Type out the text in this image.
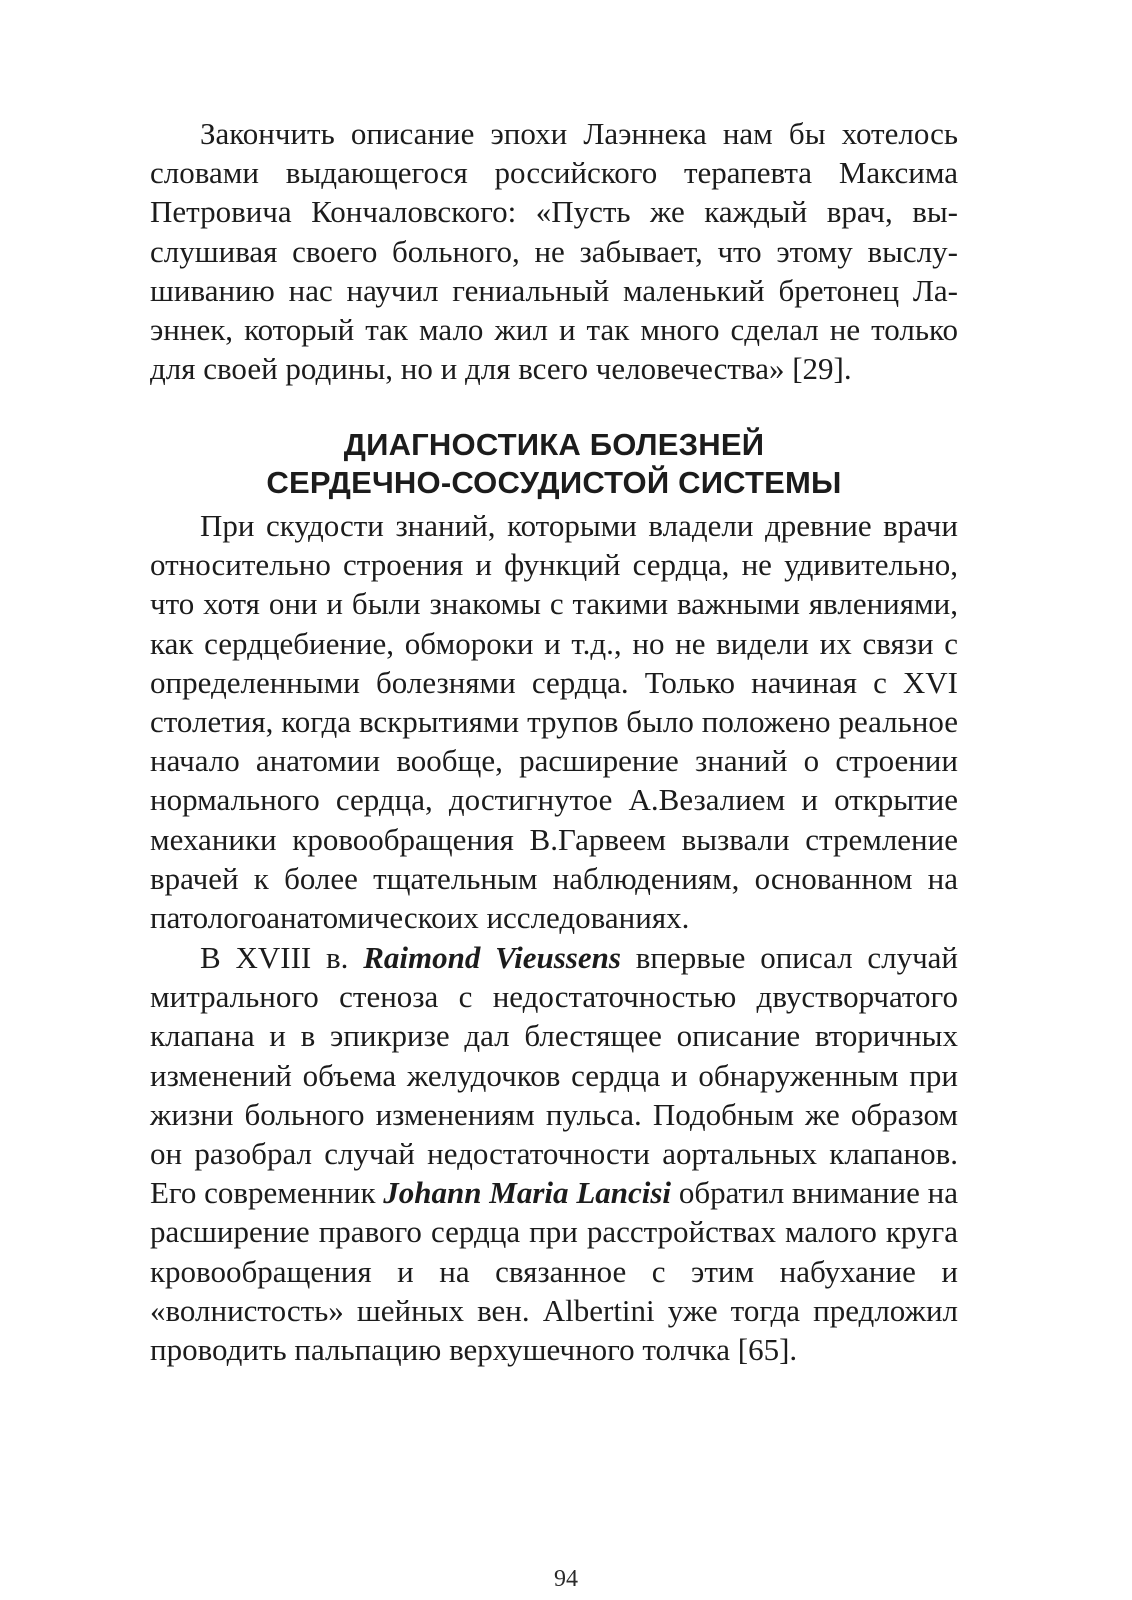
Закончить описание эпохи Лаэннека нам бы хотелось словами выдающегося российского терапевта Максима Петровича Кончаловского: «Пусть же каждый врач, выслушивая своего больного, не забывает, что этому выслушиванию нас научил гениальный маленький бретонец Лаэннек, который так мало жил и так много сделал не только для своей родины, но и для всего человечества» [29].

ДИАГНОСТИКА БОЛЕЗНЕЙ
СЕРДЕЧНО-СОСУДИСТОЙ СИСТЕМЫ

При скудости знаний, которыми владели древние врачи относительно строения и функций сердца, не удивительно, что хотя они и были знакомы с такими важными явлениями, как сердцебиение, обмороки и т.д., но не видели их связи с определенными болезнями сердца. Только начиная с XVI столетия, когда вскрытиями трупов было положено реальное начало анатомии вообще, расширение знаний о строении нормального сердца, достигнутое А.Везалием и открытие механики кровообращения В.Гарвеем вызвали стремление врачей к более тщательным наблюдениям, основанном на патологоанатомическоих исследованиях.

В XVIII в. Raimond Vieussens впервые описал случай митрального стеноза с недостаточностью двустворчатого клапана и в эпикризе дал блестящее описание вторичных изменений объема желудочков сердца и обнаруженным при жизни больного изменениям пульса. Подобным же образом он разобрал случай недостаточности аортальных клапанов. Его современник Johann Maria Lancisi обратил внимание на расширение правого сердца при расстройствах малого круга кровообращения и на связанное с этим набухание и «волнистость» шейных вен. Albertini уже тогда предложил проводить пальпацию верхушечного толчка [65].

94
